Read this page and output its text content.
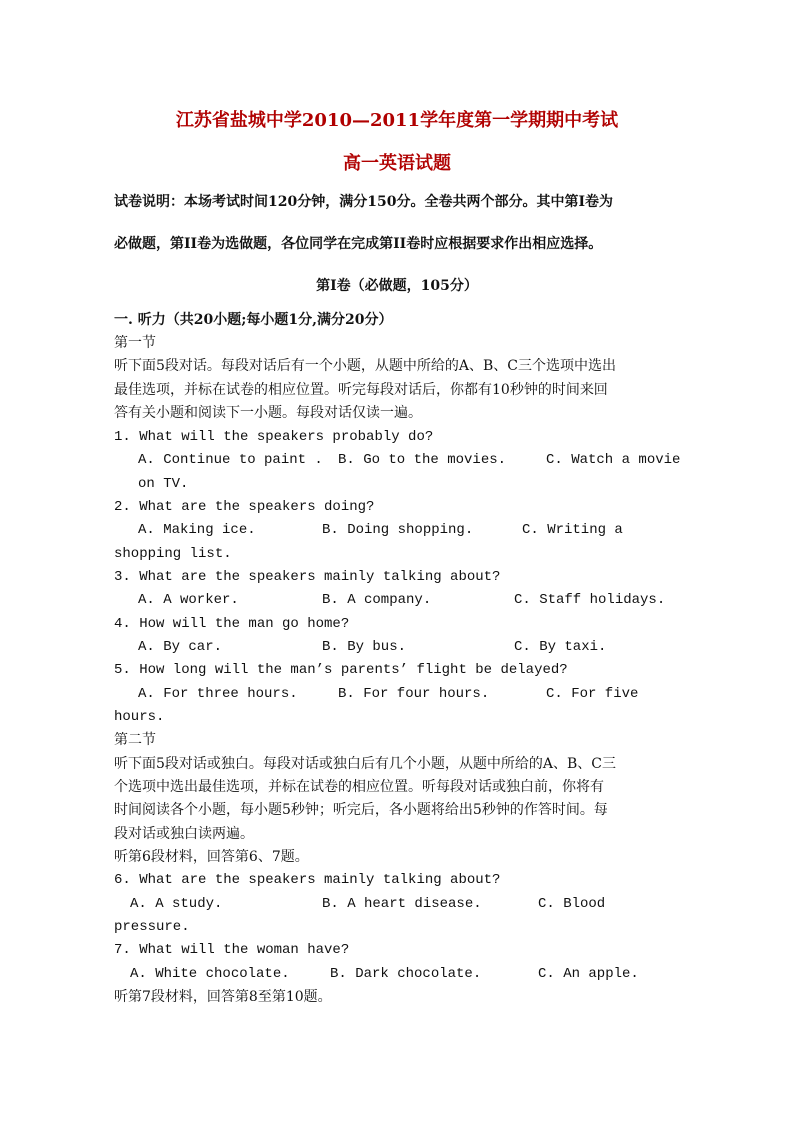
江苏省盐城中学2010—2011学年度第一学期期中考试
高一英语试题
试卷说明：本场考试时间120分钟，满分150分。全卷共两个部分。其中第I卷为
必做题，第II卷为选做题，各位同学在完成第II卷时应根据要求作出相应选择。
第Ⅰ卷（必做题，105分）
一. 听力（共20小题;每小题1分,满分20分）
第一节
听下面5段对话。每段对话后有一个小题，从题中所给的A、B、C三个选项中选出
最佳选项，并标在试卷的相应位置。听完每段对话后，你都有10秒钟的时间来回
答有关小题和阅读下一小题。每段对话仅读一遍。
1. What will the speakers probably do?
A. Continue to paint . B. Go to the movies.	C. Watch a movie
on TV.
2. What are the speakers doing?
A. Making ice.	B. Doing shopping.	C. Writing a
shopping list.
3. What are the speakers mainly talking about?
A. A worker.	B. A company.	C. Staff holidays.
4. How will the man go home?
A. By car.	B. By bus.	C. By taxi.
5. How long will the man’s parents’ flight be delayed?
A. For three hours.	B. For four hours.	C. For five
hours.
第二节
听下面5段对话或独白。每段对话或独白后有几个小题，从题中所给的A、B、C三
个选项中选出最佳选项，并标在试卷的相应位置。听每段对话或独白前，你将有
时间阅读各个小题，每小题5秒钟；听完后，各小题将给出5秒钟的作答时间。每
段对话或独白读两遍。
听第6段材料，回答第6、7题。
6. What are the speakers mainly talking about?
A. A study.	B. A heart disease.	C. Blood
pressure.
7. What will the woman have?
A. White chocolate.	B. Dark chocolate.	C. An apple.
听第7段材料，回答第8至第10题。
